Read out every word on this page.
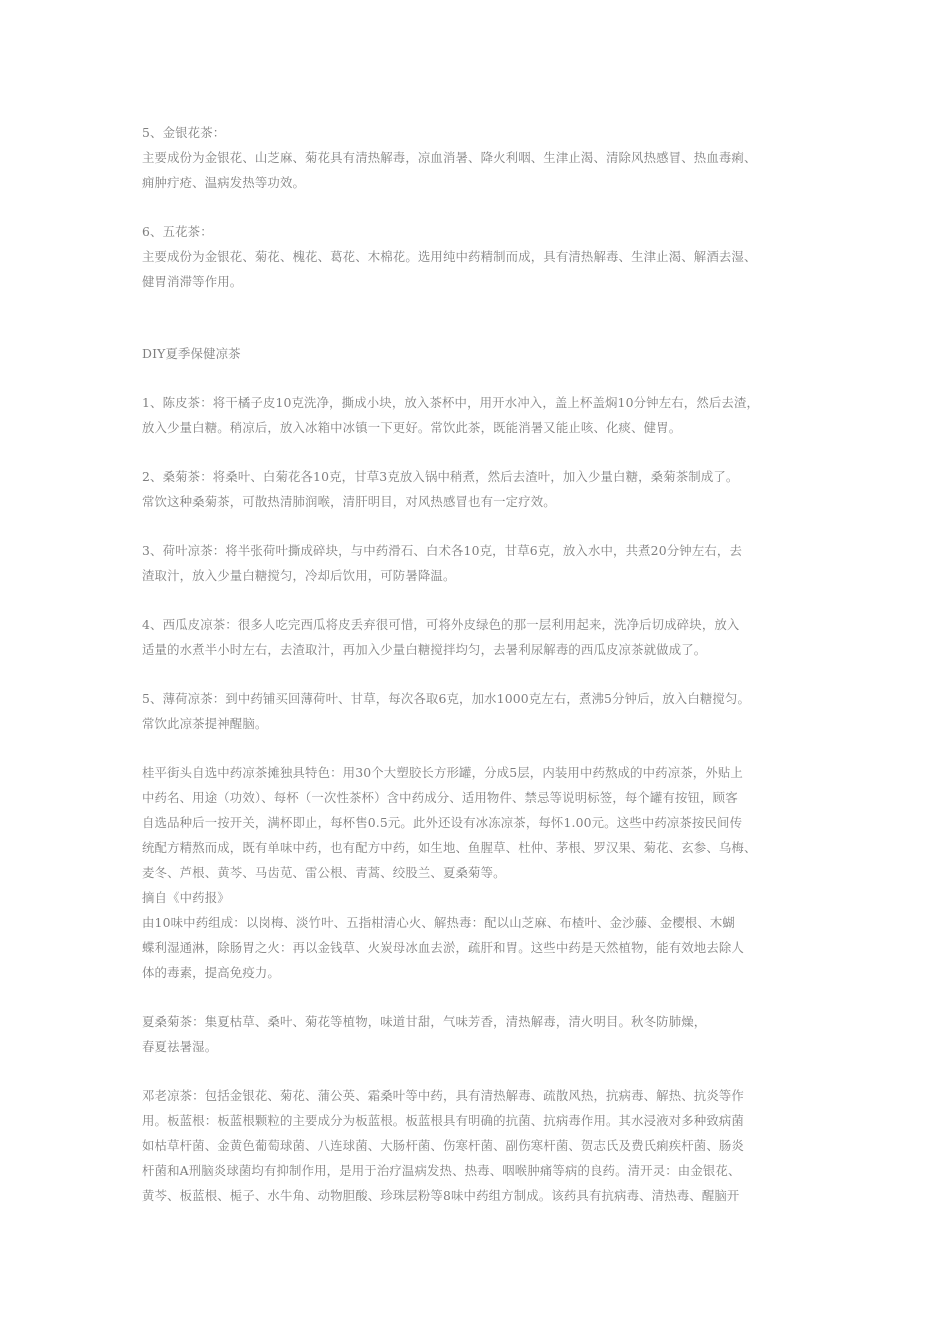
5、金银花茶：
主要成份为金银花、山芝麻、菊花具有清热解毒，凉血消暑、降火利咽、生津止渴、清除风热感冒、热血毒痢、
痈肿疔疮、温病发热等功效。
6、五花茶：
主要成份为金银花、菊花、槐花、葛花、木棉花。选用纯中药精制而成，具有清热解毒、生津止渴、解酒去湿、
健胃消滞等作用。
DIY夏季保健凉茶
1、陈皮茶：将干橘子皮10克洗净，撕成小块，放入茶杯中，用开水冲入，盖上杯盖焖10分钟左右，然后去渣，
放入少量白糖。稍凉后，放入冰箱中冰镇一下更好。常饮此茶，既能消暑又能止咳、化痰、健胃。
2、桑菊茶：将桑叶、白菊花各10克，甘草3克放入锅中稍煮，然后去渣叶，加入少量白糖，桑菊茶制成了。
常饮这种桑菊茶，可散热清肺润喉，清肝明目，对风热感冒也有一定疗效。
3、荷叶凉茶：将半张荷叶撕成碎块，与中药滑石、白术各10克，甘草6克，放入水中，共煮20分钟左右，去
渣取汁，放入少量白糖搅匀，冷却后饮用，可防暑降温。
4、西瓜皮凉茶：很多人吃完西瓜将皮丢弃很可惜，可将外皮绿色的那一层利用起来，洗净后切成碎块，放入
适量的水煮半小时左右，去渣取汁，再加入少量白糖搅拌均匀，去暑利尿解毒的西瓜皮凉茶就做成了。
5、薄荷凉茶：到中药铺买回薄荷叶、甘草，每次各取6克，加水1000克左右，煮沸5分钟后，放入白糖搅匀。
常饮此凉茶提神醒脑。
桂平街头自选中药凉茶摊独具特色：用30个大塑胶长方形罐，分成5层，内装用中药熬成的中药凉茶，外贴上
中药名、用途（功效）、每杯（一次性茶杯）含中药成分、适用物件、禁忌等说明标签，每个罐有按钮，顾客
自选品种后一按开关，满杯即止，每杯售0.5元。此外还设有冰冻凉茶，每怀1.00元。这些中药凉茶按民间传
统配方精熬而成，既有单味中药，也有配方中药，如生地、鱼腥草、杜仲、茅根、罗汉果、菊花、玄参、乌梅、
麦冬、芦根、黄芩、马齿苋、雷公根、青蒿、绞股兰、夏桑菊等。
摘自《中药报》
由10味中药组成：以岗梅、淡竹叶、五指柑清心火、解热毒：配以山芝麻、布楂叶、金沙藤、金樱根、木蝴
蝶利湿通淋，除肠胃之火：再以金钱草、火炭母冰血去淤，疏肝和胃。这些中药是天然植物，能有效地去除人
体的毒素，提高免疫力。
夏桑菊茶：集夏枯草、桑叶、菊花等植物，味道甘甜，气味芳香，清热解毒，清火明目。秋冬防肺燥，
春夏祛暑湿。
邓老凉茶：包括金银花、菊花、蒲公英、霜桑叶等中药，具有清热解毒、疏散风热，抗病毒、解热、抗炎等作
用。板蓝根：板蓝根颗粒的主要成分为板蓝根。板蓝根具有明确的抗菌、抗病毒作用。其水浸液对多种致病菌
如枯草杆菌、金黄色葡萄球菌、八连球菌、大肠杆菌、伤寒杆菌、副伤寒杆菌、贺志氏及费氏痢疾杆菌、肠炎
杆菌和A刑脑炎球菌均有抑制作用，是用于治疗温病发热、热毒、咽喉肿痛等病的良药。清开灵：由金银花、
黄芩、板蓝根、栀子、水牛角、动物胆酸、珍珠层粉等8味中药组方制成。该药具有抗病毒、清热毒、醒脑开
